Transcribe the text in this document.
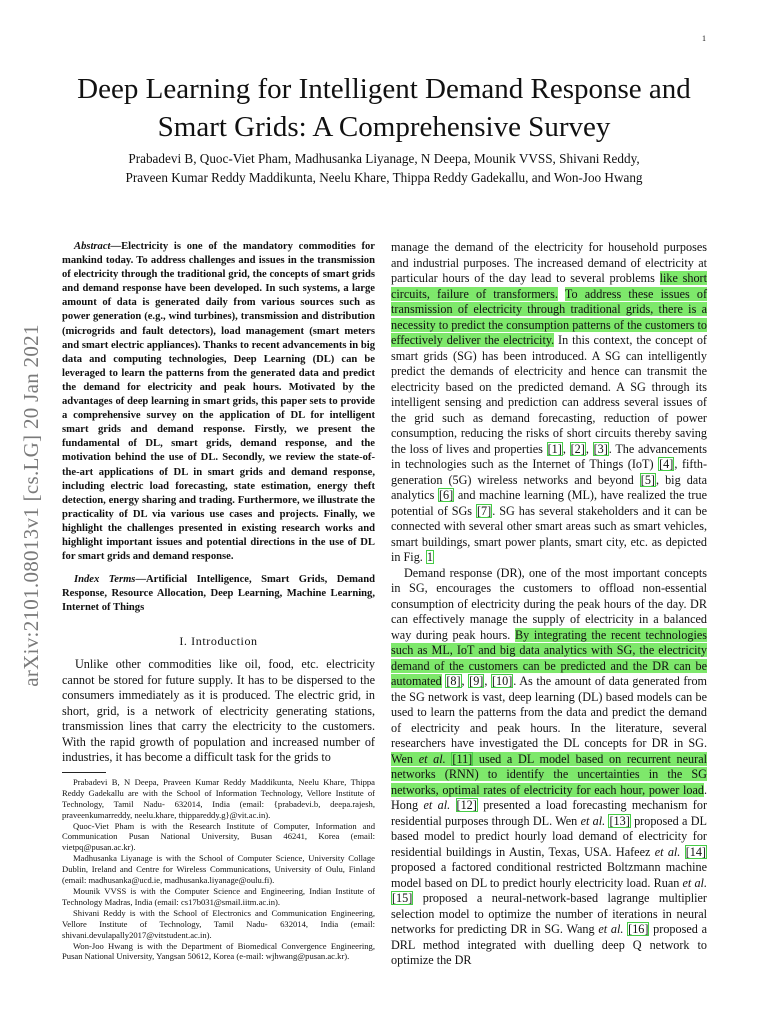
1
arXiv:2101.08013v1 [cs.LG] 20 Jan 2021
Deep Learning for Intelligent Demand Response and Smart Grids: A Comprehensive Survey
Prabadevi B, Quoc-Viet Pham, Madhusanka Liyanage, N Deepa, Mounik VVSS, Shivani Reddy,
Praveen Kumar Reddy Maddikunta, Neelu Khare, Thippa Reddy Gadekallu, and Won-Joo Hwang

Abstract—Electricity is one of the mandatory commodities for mankind today. To address challenges and issues in the transmission of electricity through the traditional grid, the concepts of smart grids and demand response have been developed. In such systems, a large amount of data is generated daily from various sources such as power generation (e.g., wind turbines), transmission and distribution (microgrids and fault detectors), load management (smart meters and smart electric appliances). Thanks to recent advancements in big data and computing technologies, Deep Learning (DL) can be leveraged to learn the patterns from the generated data and predict the demand for electricity and peak hours. Motivated by the advantages of deep learning in smart grids, this paper sets to provide a comprehensive survey on the application of DL for intelligent smart grids and demand response. Firstly, we present the fundamental of DL, smart grids, demand response, and the motivation behind the use of DL. Secondly, we review the state-of-the-art applications of DL in smart grids and demand response, including electric load forecasting, state estimation, energy theft detection, energy sharing and trading. Furthermore, we illustrate the practicality of DL via various use cases and projects. Finally, we highlight the challenges presented in existing research works and highlight important issues and potential directions in the use of DL for smart grids and demand response.

Index Terms—Artificial Intelligence, Smart Grids, Demand Response, Resource Allocation, Deep Learning, Machine Learning, Internet of Things

I. Introduction

Unlike other commodities like oil, food, etc. electricity cannot be stored for future supply. It has to be dispersed to the consumers immediately as it is produced. The electric grid, in short, grid, is a network of electricity generating stations, transmission lines that carry the electricity to the customers. With the rapid growth of population and increased number of industries, it has become a difficult task for the grids to

Prabadevi B, N Deepa, Praveen Kumar Reddy Maddikunta, Neelu Khare, Thippa Reddy Gadekallu are with the School of Information Technology, Vellore Institute of Technology, Tamil Nadu- 632014, India (email: {prabadevi.b, deepa.rajesh, praveenkumarreddy, neelu.khare, thippareddy.g}@vit.ac.in).

Quoc-Viet Pham is with the Research Institute of Computer, Information and Communication Pusan National University, Busan 46241, Korea (email: vietpq@pusan.ac.kr).

Madhusanka Liyanage is with the School of Computer Science, University Collage Dublin, Ireland and Centre for Wireless Communications, University of Oulu, Finland (email: madhusanka@ucd.ie, madhusanka.liyanage@oulu.fi).

Mounik VVSS is with the Computer Science and Engineering, Indian Institute of Technology Madras, India (email: cs17b031@smail.iitm.ac.in).

Shivani Reddy is with the School of Electronics and Communication Engineering, Vellore Institute of Technology, Tamil Nadu- 632014, India (email: shivani.devulapally2017@vitstudent.ac.in).

Won-Joo Hwang is with the Department of Biomedical Convergence Engineering, Pusan National University, Yangsan 50612, Korea (e-mail: wjhwang@pusan.ac.kr).

manage the demand of the electricity for household purposes and industrial purposes. The increased demand of electricity at particular hours of the day lead to several problems like short circuits, failure of transformers. To address these issues of transmission of electricity through traditional grids, there is a necessity to predict the consumption patterns of the customers to effectively deliver the electricity. In this context, the concept of smart grids (SG) has been introduced. A SG can intelligently predict the demands of electricity and hence can transmit the electricity based on the predicted demand. A SG through its intelligent sensing and prediction can address several issues of the grid such as demand forecasting, reduction of power consumption, reducing the risks of short circuits thereby saving the loss of lives and properties [1], [2], [3]. The advancements in technologies such as the Internet of Things (IoT) [4], fifth-generation (5G) wireless networks and beyond [5], big data analytics [6] and machine learning (ML), have realized the true potential of SGs [7]. SG has several stakeholders and it can be connected with several other smart areas such as smart vehicles, smart buildings, smart power plants, smart city, etc. as depicted in Fig. 1

Demand response (DR), one of the most important concepts in SG, encourages the customers to offload non-essential consumption of electricity during the peak hours of the day. DR can effectively manage the supply of electricity in a balanced way during peak hours. By integrating the recent technologies such as ML, IoT and big data analytics with SG, the electricity demand of the customers can be predicted and the DR can be automated [8], [9], [10]. As the amount of data generated from the SG network is vast, deep learning (DL) based models can be used to learn the patterns from the data and predict the demand of electricity and peak hours. In the literature, several researchers have investigated the DL concepts for DR in SG. Wen et al. [11] used a DL model based on recurrent neural networks (RNN) to identify the uncertainties in the SG networks, optimal rates of electricity for each hour, power load. Hong et al. [12] presented a load forecasting mechanism for residential purposes through DL. Wen et al. [13] proposed a DL based model to predict hourly load demand of electricity for residential buildings in Austin, Texas, USA. Hafeez et al. [14] proposed a factored conditional restricted Boltzmann machine model based on DL to predict hourly electricity load. Ruan et al. [15] proposed a neural-network-based lagrange multiplier selection model to optimize the number of iterations in neural networks for predicting DR in SG. Wang et al. [16] proposed a DRL method integrated with duelling deep Q network to optimize the DR
